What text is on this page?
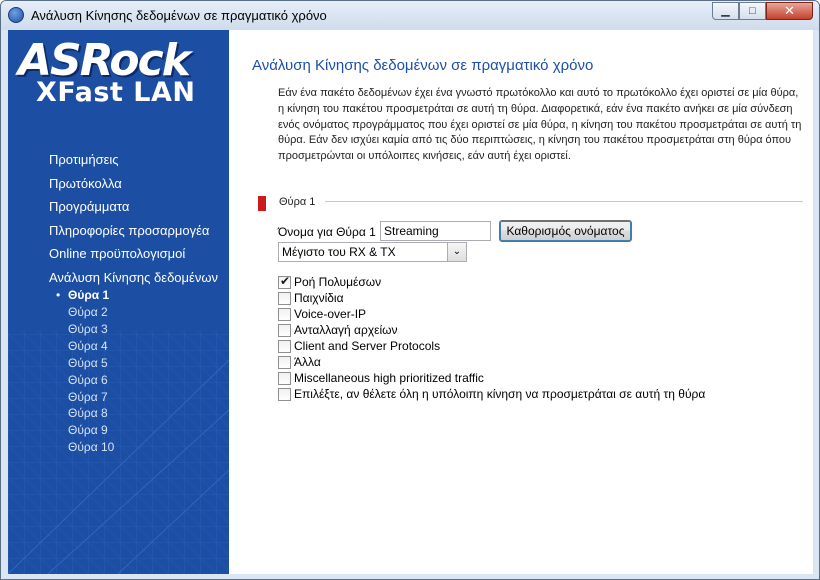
Ανάλυση Κίνησης δεδομένων σε πραγματικό χρόνο	▁	□	✕
ASRock
XFast LAN
Προτιμήσεις
Πρωτόκολλα
Προγράμματα
Πληροφορίες προσαρμογέα
Online προϋπολογισμοί
Ανάλυση Κίνησης δεδομένων
• Θύρα 1
Θύρα 2
Θύρα 3
Θύρα 4
Θύρα 5
Θύρα 6
Θύρα 7
Θύρα 8
Θύρα 9
Θύρα 10
Ανάλυση Κίνησης δεδομένων σε πραγματικό χρόνο
Εάν ένα πακέτο δεδομένων έχει ένα γνωστό πρωτόκολλο και αυτό το πρωτόκολλο έχει οριστεί σε μία θύρα, η κίνηση του πακέτου προσμετράται σε αυτή τη θύρα. Διαφορετικά, εάν ένα πακέτο ανήκει σε μία σύνδεση ενός ονόματος προγράμματος που έχει οριστεί σε μία θύρα, η κίνηση του πακέτου προσμετράται σε αυτή τη θύρα. Εάν δεν ισχύει καμία από τις δύο περιπτώσεις, η κίνηση του πακέτου προσμετράται στη θύρα όπου προσμετρώνται οι υπόλοιπες κινήσεις, εάν αυτή έχει οριστεί.
Θύρα 1
Όνομα για Θύρα 1
Streaming	Καθορισμός ονόματος
Μέγιστο του RX & TX	⌄
✔ Ροή Πολυμέσων
Παιχνίδια
Voice-over-IP
Ανταλλαγή αρχείων
Client and Server Protocols
Άλλα
Miscellaneous high prioritized traffic
Επιλέξτε, αν θέλετε όλη η υπόλοιπη κίνηση να προσμετράται σε αυτή τη θύρα
